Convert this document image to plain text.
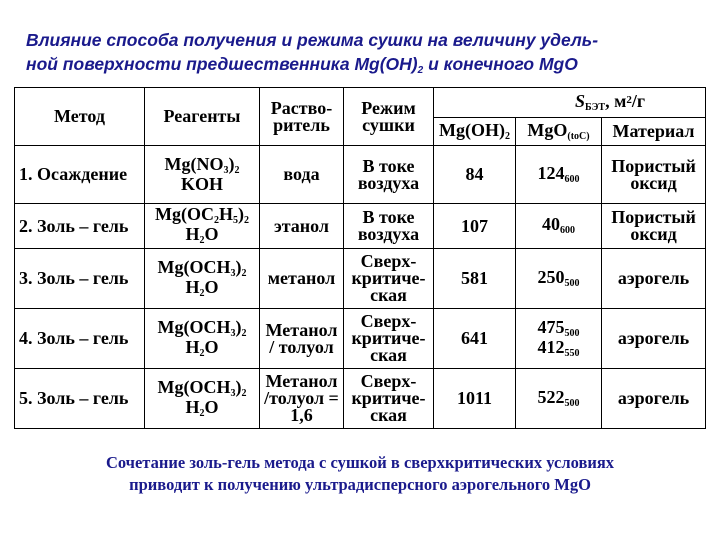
Влияние способа получения и режима сушки на величину удель-
ной поверхности предшественника $Mg(OH)_2$ и конечного MgO
Метод	Реагенты	Раство-ритель	Режим сушки	$S_{БЭТ}$, $м^2/г$		
				$Mg(OH)_2$	MgO$_{(toC)}$	Материал
1. Осаждение	$Mg(NO_3)_2$
KOH	вода	В токе воздуха	84	$124_{600}$	Пористый оксид
2. Золь – гель	$Mg(OC_2H_5)_2$
$H_2O$	этанол	В токе воздуха	107	$40_{600}$	Пористый оксид
3. Золь – гель	$Mg(OCH_3)_2$
$H_2O$	метанол	Сверх-критиче-ская	581	$250_{500}$	аэрогель
4. Золь – гель	$Mg(OCH_3)_2$
$H_2O$	Метанол / толуол	Сверх-критиче-ская	641	$475_{500}$
$412_{550}$	аэрогель
5. Золь – гель	$Mg(OCH_3)_2$
$H_2O$	Метанол /толуол = 1,6	Сверх-критиче-ская	1011	$522_{500}$	аэрогель
Сочетание золь-гель метода с сушкой в сверхкритических условиях
приводит к получению ультрадисперсного аэрогельного MgO
